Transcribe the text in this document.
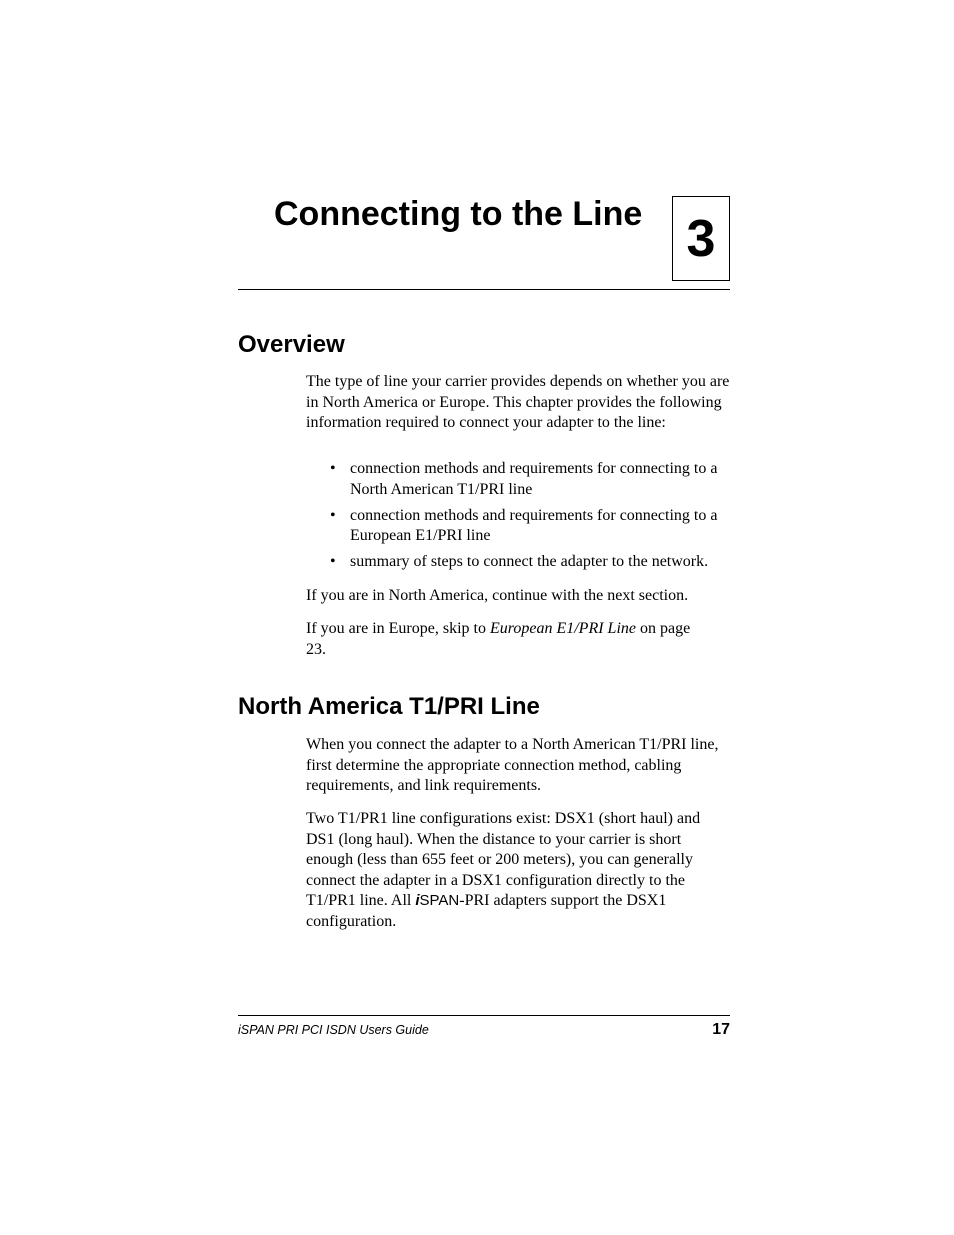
Connecting to the Line 3
Overview

The type of line your carrier provides depends on whether you are in North America or Europe. This chapter provides the following information required to connect your adapter to the line:

• connection methods and requirements for connecting to a North American T1/PRI line
• connection methods and requirements for connecting to a European E1/PRI line
• summary of steps to connect the adapter to the network.

If you are in North America, continue with the next section.

If you are in Europe, skip to European E1/PRI Line on page 23.

North America T1/PRI Line

When you connect the adapter to a North American T1/PRI line, first determine the appropriate connection method, cabling requirements, and link requirements.

Two T1/PR1 line configurations exist: DSX1 (short haul) and DS1 (long haul). When the distance to your carrier is short enough (less than 655 feet or 200 meters), you can generally connect the adapter in a DSX1 configuration directly to the T1/PR1 line. All iSPAN-PRI adapters support the DSX1 configuration.

iSPAN PRI PCI ISDN Users Guide	17
